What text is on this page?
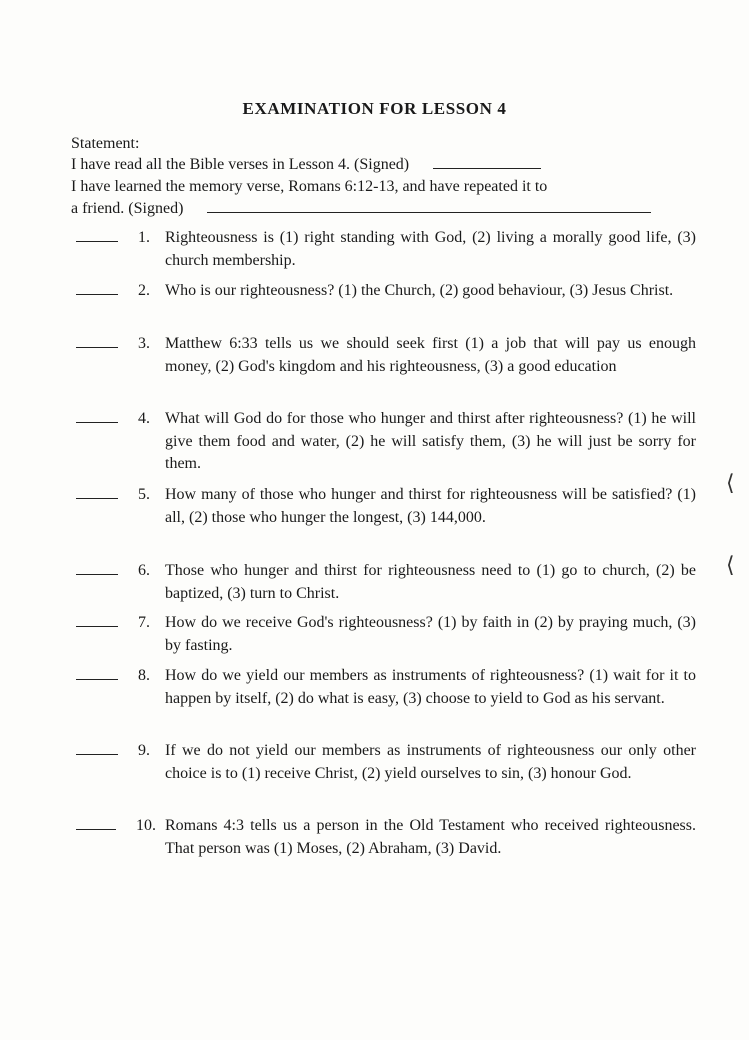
EXAMINATION FOR LESSON 4
Statement:
I have read all the Bible verses in Lesson 4. (Signed)
I have learned the memory verse, Romans 6:12-13, and have repeated it to
a friend. (Signed)
1. Righteousness is (1) right standing with God, (2) living a morally good life, (3) church membership.
2. Who is our righteousness? (1) the Church, (2) good behaviour, (3) Jesus Christ.
3. Matthew 6:33 tells us we should seek first (1) a job that will pay us enough money, (2) God's kingdom and his righteousness, (3) a good education
4. What will God do for those who hunger and thirst after righteousness? (1) he will give them food and water, (2) he will satisfy them, (3) he will just be sorry for them.
5. How many of those who hunger and thirst for righteousness will be satisfied? (1) all, (2) those who hunger the longest, (3) 144,000.
6. Those who hunger and thirst for righteousness need to (1) go to church, (2) be baptized, (3) turn to Christ.
7. How do we receive God's righteousness? (1) by faith in (2) by praying much, (3) by fasting.
8. How do we yield our members as instruments of righteousness? (1) wait for it to happen by itself, (2) do what is easy, (3) choose to yield to God as his servant.
9. If we do not yield our members as instruments of righteousness our only other choice is to (1) receive Christ, (2) yield ourselves to sin, (3) honour God.
10. Romans 4:3 tells us a person in the Old Testament who received righteousness. That person was (1) Moses, (2) Abraham, (3) David.
⟨
⟨
